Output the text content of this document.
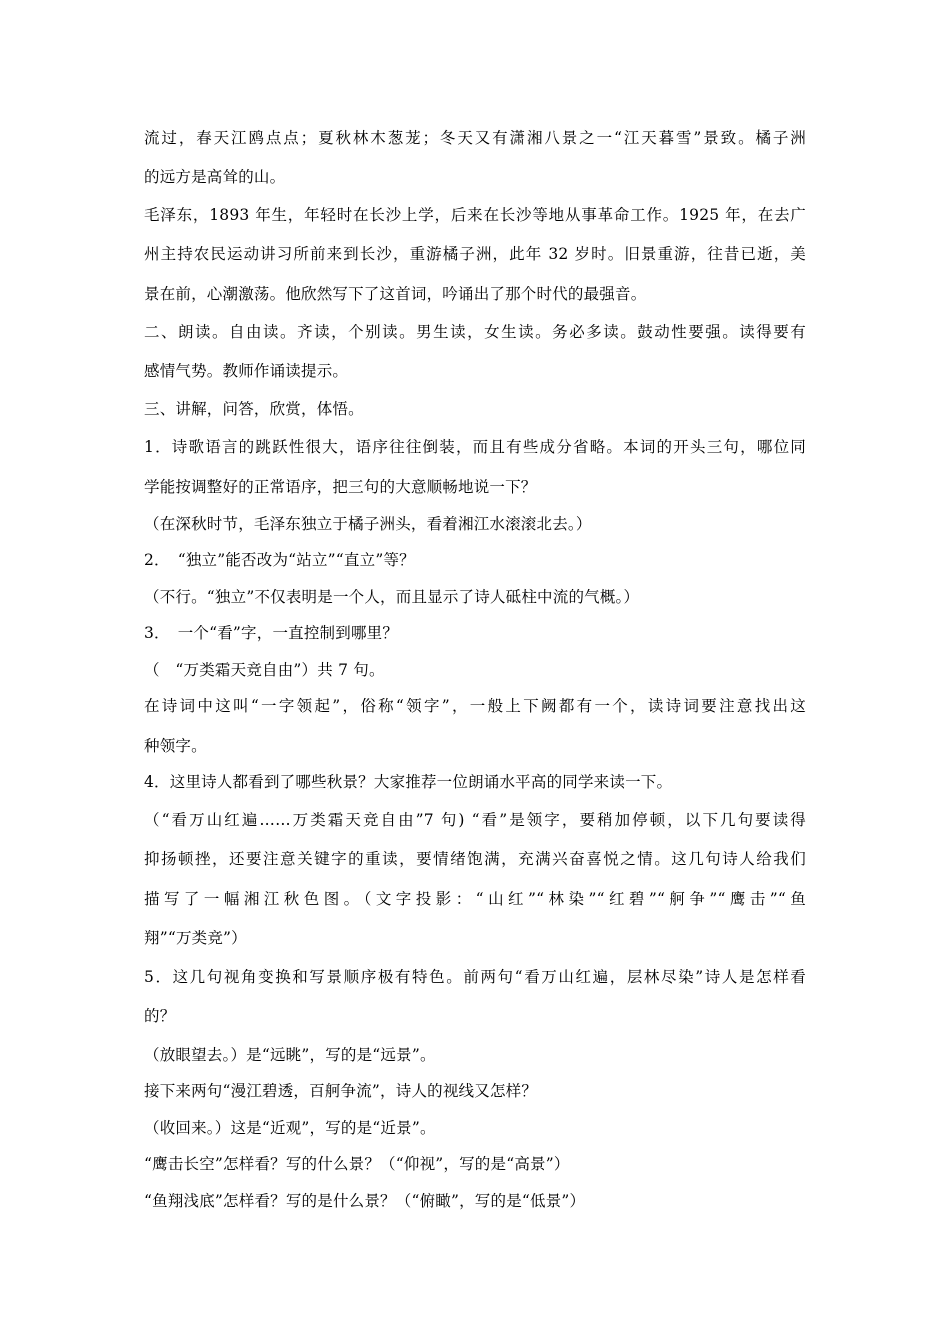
流过，春天江鸥点点；夏秋林木葱茏；冬天又有潇湘八景之一“江天暮雪”景致。橘子洲
的远方是高耸的山。
毛泽东，1893 年生，年轻时在长沙上学，后来在长沙等地从事革命工作。1925 年，在去广
州主持农民运动讲习所前来到长沙，重游橘子洲，此年 32 岁时。旧景重游，往昔已逝，美
景在前，心潮激荡。他欣然写下了这首词，吟诵出了那个时代的最强音。
二、朗读。自由读。齐读，个别读。男生读，女生读。务必多读。鼓动性要强。读得要有
感情气势。教师作诵读提示。
三、讲解，问答，欣赏，体悟。
1．诗歌语言的跳跃性很大，语序往往倒装，而且有些成分省略。本词的开头三句，哪位同
学能按调整好的正常语序，把三句的大意顺畅地说一下？
（在深秋时节，毛泽东独立于橘子洲头，看着湘江水滚滚北去。）
2．　“独立”能否改为“站立”“直立”等？
（不行。“独立”不仅表明是一个人，而且显示了诗人砥柱中流的气概。）
3．　一个“看”字，一直控制到哪里？
（　“万类霜天竞自由”）共 7 句。
在诗词中这叫“一字领起”，俗称“领字”，一般上下阙都有一个，读诗词要注意找出这
种领字。
4．这里诗人都看到了哪些秋景？大家推荐一位朗诵水平高的同学来读一下。
（“看万山红遍……万类霜天竞自由”7 句) “看”是领字，要稍加停顿，以下几句要读得
抑扬顿挫，还要注意关键字的重读，要情绪饱满，充满兴奋喜悦之情。这几句诗人给我们
描写了一幅湘江秋色图。（文字投影：“山红”“林染”“红碧”“舸争”“鹰击”“鱼
翔”“万类竞”）
5．这几句视角变换和写景顺序极有特色。前两句“看万山红遍，层林尽染”诗人是怎样看
的？
（放眼望去。）是“远眺”，写的是“远景”。
接下来两句“漫江碧透，百舸争流”，诗人的视线又怎样？
（收回来。）这是“近观”，写的是“近景”。
“鹰击长空”怎样看？写的什么景？（“仰视”，写的是“高景”）
“鱼翔浅底”怎样看？写的是什么景？（“俯瞰”，写的是“低景”）
